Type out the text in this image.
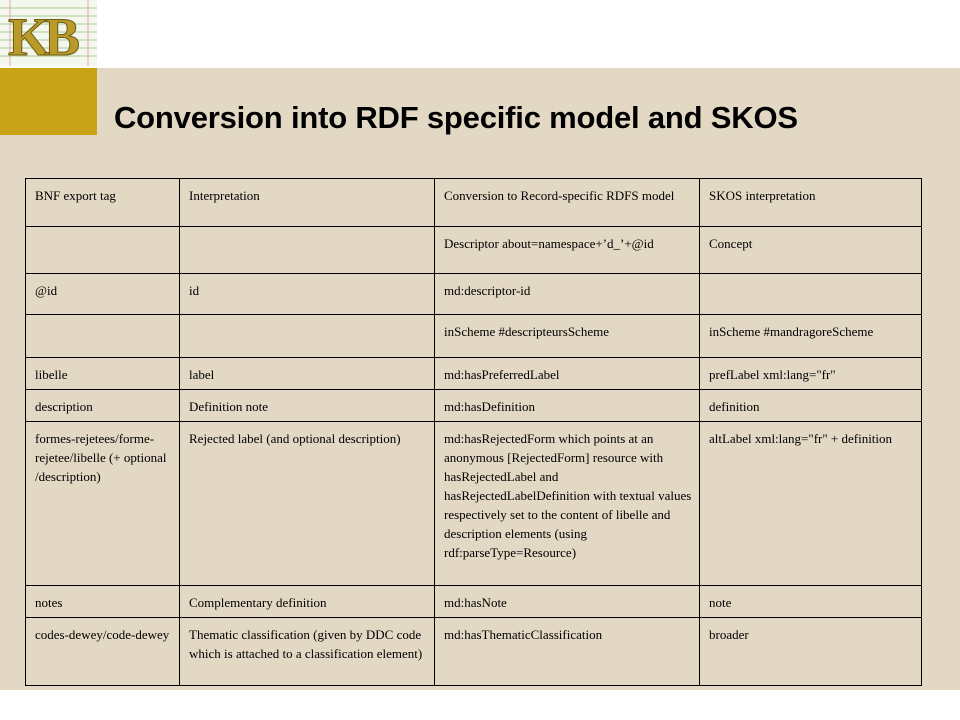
KB
Conversion into RDF specific model and SKOS
BNF export tag	Interpretation	Conversion to Record-specific RDFS model	SKOS interpretation
		Descriptor about=namespace+’d_’+@id	Concept
@id	id	md:descriptor-id	
		inScheme #descripteursScheme	inScheme #mandragoreScheme
libelle	label	md:hasPreferredLabel	prefLabel xml:lang="fr"
description	Definition note	md:hasDefinition	definition
formes-rejetees/forme-rejetee/libelle (+ optional /description)	Rejected label (and optional description)	md:hasRejectedForm which points at an anonymous [RejectedForm] resource with hasRejectedLabel and hasRejectedLabelDefinition with textual values respectively set to the content of libelle and description elements (using rdf:parseType=Resource)	altLabel xml:lang="fr" + definition
notes	Complementary definition	md:hasNote	note
codes-dewey/code-dewey	Thematic classification (given by DDC code which is attached to a classification element)	md:hasThematicClassification	broader
